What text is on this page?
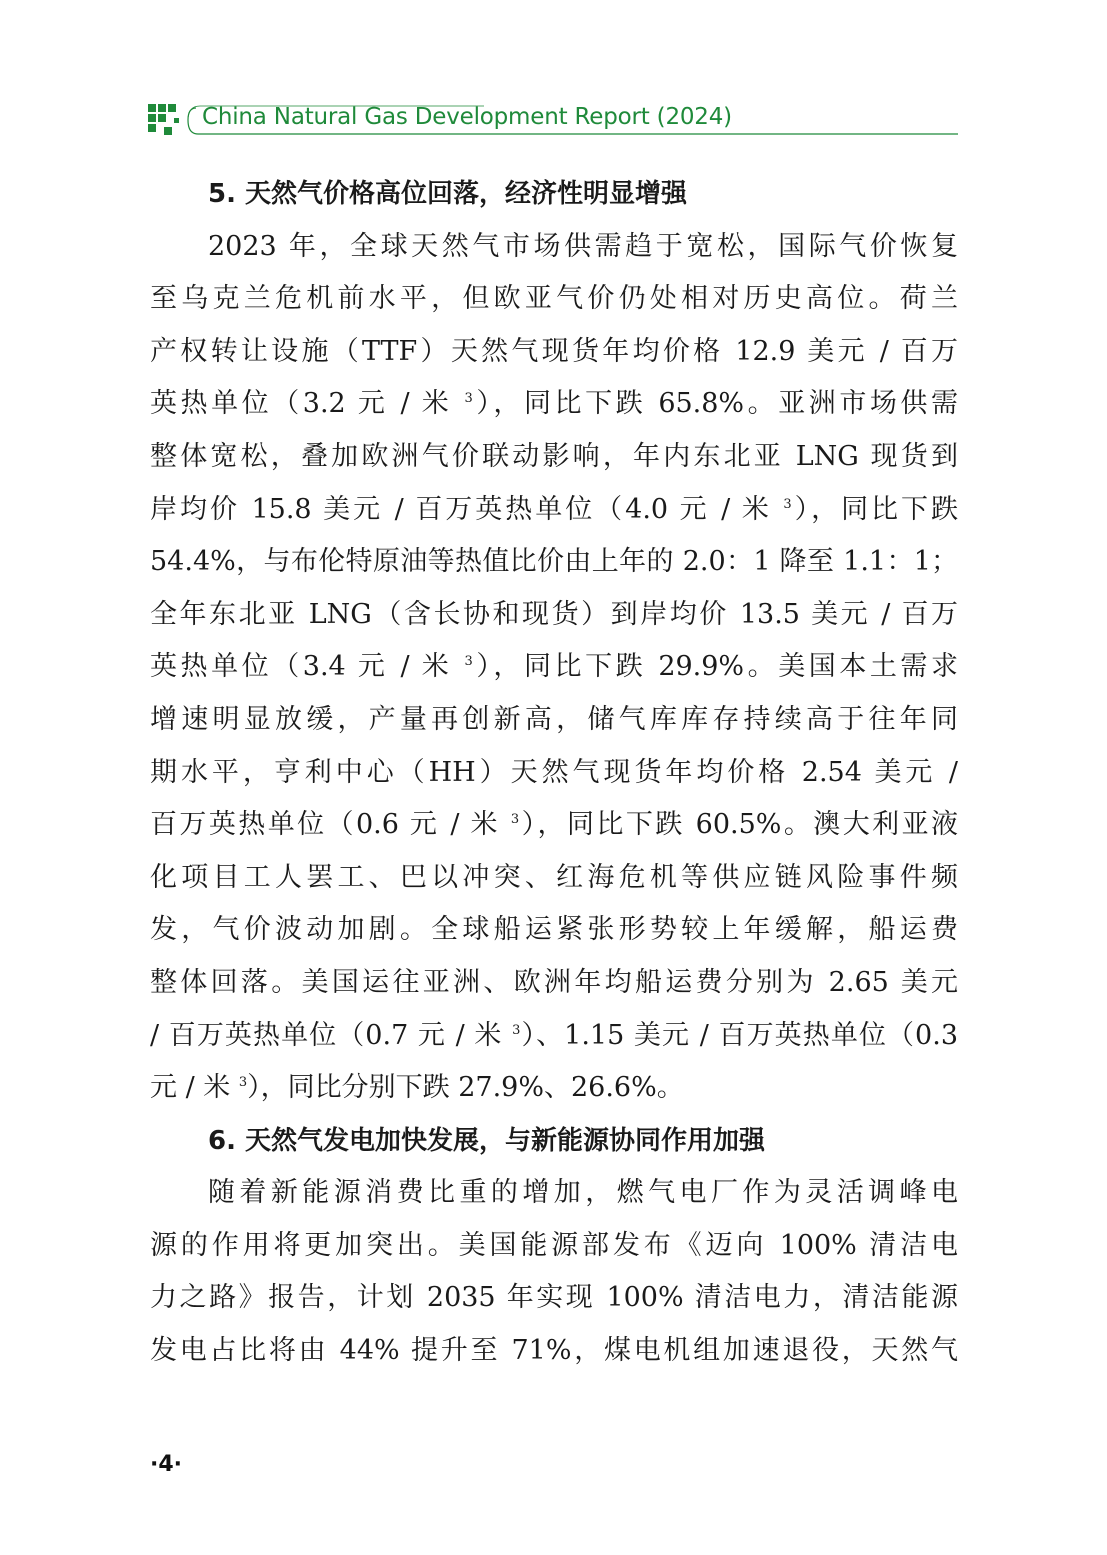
China Natural Gas Development Report (2024)
5. 天然气价格高位回落，经济性明显增强
2023 年，全球天然气市场供需趋于宽松，国际气价恢复
至乌克兰危机前水平，但欧亚气价仍处相对历史高位。荷兰
产权转让设施（TTF）天然气现货年均价格 12.9 美元 / 百万
英热单位（3.2 元 / 米 $^3$），同比下跌 65.8%。亚洲市场供需
整体宽松，叠加欧洲气价联动影响，年内东北亚 LNG 现货到
岸均价 15.8 美元 / 百万英热单位（4.0 元 / 米 $^3$），同比下跌
54.4%，与布伦特原油等热值比价由上年的 2.0：1 降至 1.1：1；
全年东北亚 LNG（含长协和现货）到岸均价 13.5 美元 / 百万
英热单位（3.4 元 / 米 $^3$），同比下跌 29.9%。美国本土需求
增速明显放缓，产量再创新高，储气库库存持续高于往年同
期水平，亨利中心（HH）天然气现货年均价格 2.54 美元 /
百万英热单位（0.6 元 / 米 $^3$），同比下跌 60.5%。澳大利亚液
化项目工人罢工、巴以冲突、红海危机等供应链风险事件频
发，气价波动加剧。全球船运紧张形势较上年缓解，船运费
整体回落。美国运往亚洲、欧洲年均船运费分别为 2.65 美元
/ 百万英热单位（0.7 元 / 米 $^3$）、1.15 美元 / 百万英热单位（0.3
元 / 米 $^3$），同比分别下跌 27.9%、26.6%。
6. 天然气发电加快发展，与新能源协同作用加强
随着新能源消费比重的增加，燃气电厂作为灵活调峰电
源的作用将更加突出。美国能源部发布《迈向 100% 清洁电
力之路》报告，计划 2035 年实现 100% 清洁电力，清洁能源
发电占比将由 44% 提升至 71%，煤电机组加速退役，天然气
·4·
